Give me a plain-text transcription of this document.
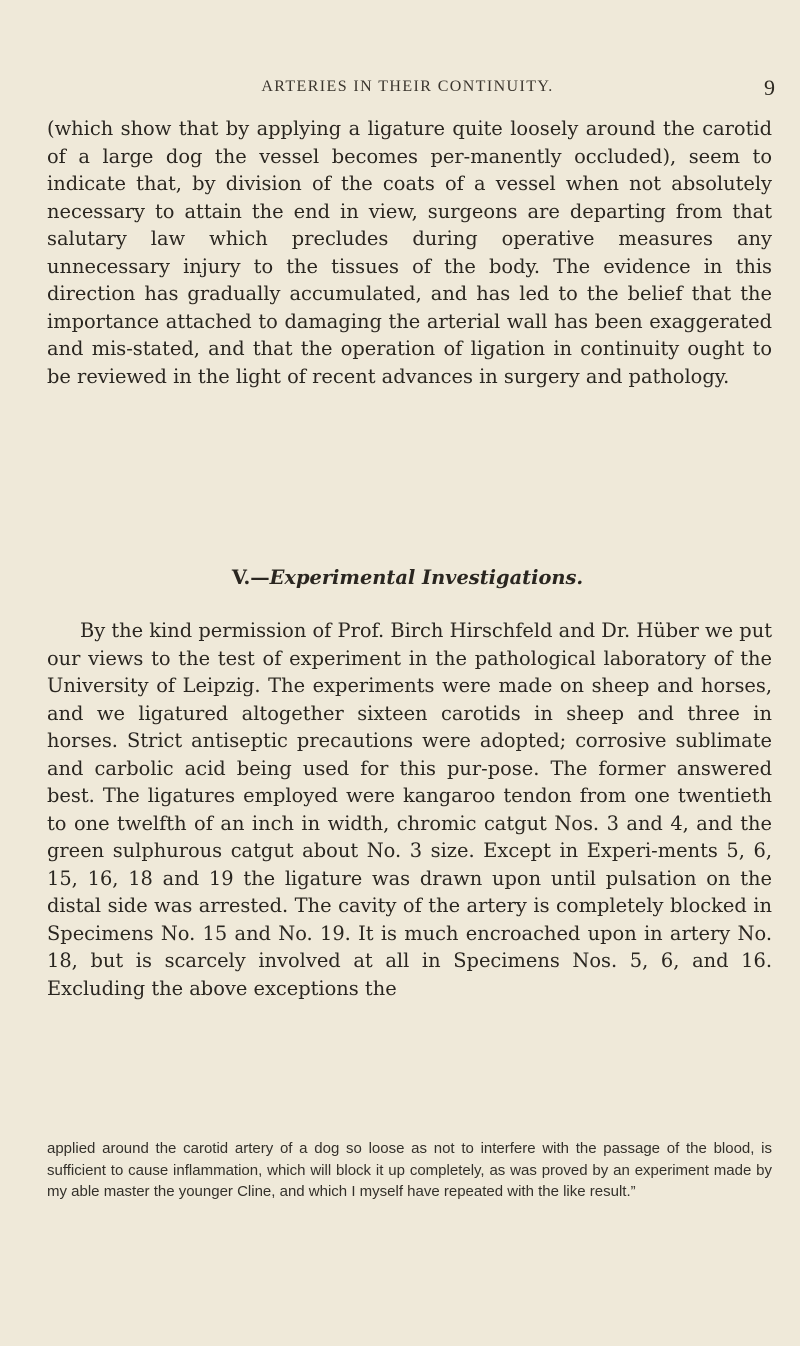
ARTERIES IN THEIR CONTINUITY.	9

(which show that by applying a ligature quite loosely around the carotid of a large dog the vessel becomes per-manently occluded), seem to indicate that, by division of the coats of a vessel when not absolutely necessary to attain the end in view, surgeons are departing from that salutary law which precludes during operative measures any unnecessary injury to the tissues of the body. The evidence in this direction has gradually accumulated, and has led to the belief that the importance attached to damaging the arterial wall has been exaggerated and mis-stated, and that the operation of ligation in continuity ought to be reviewed in the light of recent advances in surgery and pathology.

V.—Experimental Investigations.

By the kind permission of Prof. Birch Hirschfeld and Dr. Hüber we put our views to the test of experiment in the pathological laboratory of the University of Leipzig. The experiments were made on sheep and horses, and we ligatured altogether sixteen carotids in sheep and three in horses. Strict antiseptic precautions were adopted; corrosive sublimate and carbolic acid being used for this pur-pose. The former answered best. The ligatures employed were kangaroo tendon from one twentieth to one twelfth of an inch in width, chromic catgut Nos. 3 and 4, and the green sulphurous catgut about No. 3 size. Except in Experi-ments 5, 6, 15, 16, 18 and 19 the ligature was drawn upon until pulsation on the distal side was arrested. The cavity of the artery is completely blocked in Specimens No. 15 and No. 19. It is much encroached upon in artery No. 18, but is scarcely involved at all in Specimens Nos. 5, 6, and 16. Excluding the above exceptions the

applied around the carotid artery of a dog so loose as not to interfere with the passage of the blood, is sufficient to cause inflammation, which will block it up completely, as was proved by an experiment made by my able master the younger Cline, and which I myself have repeated with the like result.”
